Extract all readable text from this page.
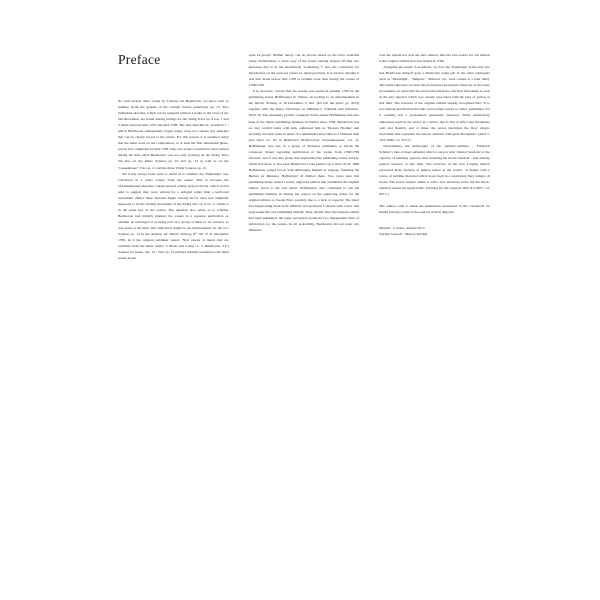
Preface

As with several other works by Ludwig van Beethoven, we know next to nothing about the genesis of his Grande Sonate pathétique op. 13. Two individual sketches, which can be assigned without a doubt to the close of the last movement, are found among jottings for the String Trios op. 9 nos. 1 and 3 made between mid 1797 and mid 1798. The first sketchbook ‘Grasnick 1’, which Beethoven subsequently began using, does not contain any sketches that can be clearly traced to the sonata. For this reason, it is assumed today that the main work on the composition, or at least the first substantial phase, was in fact completed by mid 1798. Thus, the sonata would have been written during the time when Beethoven was not only working on the String Trios but also on the Piano Sonatas op. 10 and op. 14 as well as on the ‘Gassenhauer’-Trio op. 11 and the three Violin Sonatas op. 12.

Yet it has always been open to doubt as to whether the ‘Pathétique’ was conceived as a piano sonata from the outset. This is because the aforementioned sketches contain several widely spaced chords, which would tend to suggest they were written for a stringed rather than a keyboard instrument. Hence these sketches might actually be for what was originally supposed to be the closing movement of the String Trio op. 9 no. 3, which is in the same key as the sonata. The question also arises as to whether Beethoven had initially planned the sonata as a separate publication or whether he envisaged it as being part of a group of three or six sonatas, as was usual at the time. One indication might be an advertisement for the two Sonatas op. 14 in the Anhang zur Wiener Zeitung N° 102 of 21 December 1799. In it the original publisher stated: ‘New pieces of music that are available from the music dealer T. Mollo and Comp.: L. v. Beethoven, 3 [!] Sonatas for piano, Op. 14’. Was op. 13 perhaps initially intended as the third sonata in the

opus-14 group? Neither theory can be proven based on the facts available today. Furthermore, a clean copy of the sonata already broken off after two measures that is in the sketchbook ‘Landsberg 7’ (see the Comments for information on the sources) cannot be dated precisely. It is unclear whether it was also made before mid 1798 or perhaps even later during the course of 1798/1799.

It is, however, certain that the sonata was issued in autumn 1799 by the publishing house Hoffmeister in Vienna. According to an advertisement in the Wiener Zeitung of 18 December, it had ‘just left the press’ [p. 4313] together with the Piano Variations on Süßmayr’s ‘Tändeln und Scherzen’ WoO 76. The extremely prolific composer Franz Anton Hoffmeister had also been in the music publishing business in Vienna since 1784. Beethoven was on very cordial terms with him, addressed him as ‘Dearest Brother’ and probably saw him more in terms of a likeminded artist than as a business man (see letter no. 64 in Beethoven Briefwechsel Gesamtausgabe, vol. 1). Hoffmeister was one of a group of Viennese publishers to whom the composer turned regarding publication of his works from 1798/1799 onwards, and it was this group that superseded the publishing house Artaria, which had more or less been Beethoven’s sole partner up to then. From 1800 Hoffmeister joined forces with Ambrosius Kühnel in Leipzig, founding the Bureau de Musique, Hoffmeister & Kühnel there. Two years later this publishing house issued a newly engraved edition that resembled the original edition down to the last detail. Hoffmeister also continued to run his publishing business in Vienna but passed on the engraving plates for the original edition to Joseph Eder, possibly due to a lack of capacity. The latter had begun using them from 1800/01 and produced a reissue with a new title page under his own publishing imprint. Thus, shortly after the original edition had been published, the legal succession produced two independent lines of publication for the sonata. In all probability, Beethoven did not exert any influence

over the reprint nor over the new edition, thus the sole source for our edition is the original edition that was issued in 1799.

Alongside the sonata ‘Les Adieux’ op. 81a, the ‘Pathétique’ is the only one that Beethoven himself gave a distinctive name (all of the other sobriquets such as ‘Moonlight’, ‘Tempest’, ‘Pastoral’ etc. were coined at a later date). The name takes into account the pronounced passionate character of the outer movements, in particular the Grave introduction to the first movement as well as the key selected which was closely associated with the idea of pathos at that time. The reviewer of the original edition already recognised this: ‘It is not without justification that this well-written sonata is called ‘pathétique’ for it certainly has a pronounced passionate character. Noble melancholy announces itself in the Grave in c minor, that is full of effect and modulates well and fluently, and at times the Grave interrupts the fiery allegro movement that expresses the serious emotion with great movement.’ (AmZ 2, 19.2.1800, col. 373 f.)

Nevertheless, the philosophy of the ‘pathetic-sublime’ – Friedrich Schiller’s idea of deep suffering which a person with ‘mental freedom’ or the capacity of resisting opposes, thus asserting his moral freedom – had already gained currency at this time. The reviewer of the new Leipzig edition perceived these features of human nature in the sonata: ‘It begins with a Grave of sublime character which loses itself in a captivating fiery Allegro di molto. The Grave returns within it with a few measures twice but the heroic emotion retains the upper hand.’ (Zeitung für die elegante Welt, 8.2.1807, col. 997 f.)

The editors wish to thank the institutions mentioned in the Comments for kindly placing copies of the sources at their disposal.

Munich · London, autumn 2015
Norbert Gertsch · Murray Perahia
